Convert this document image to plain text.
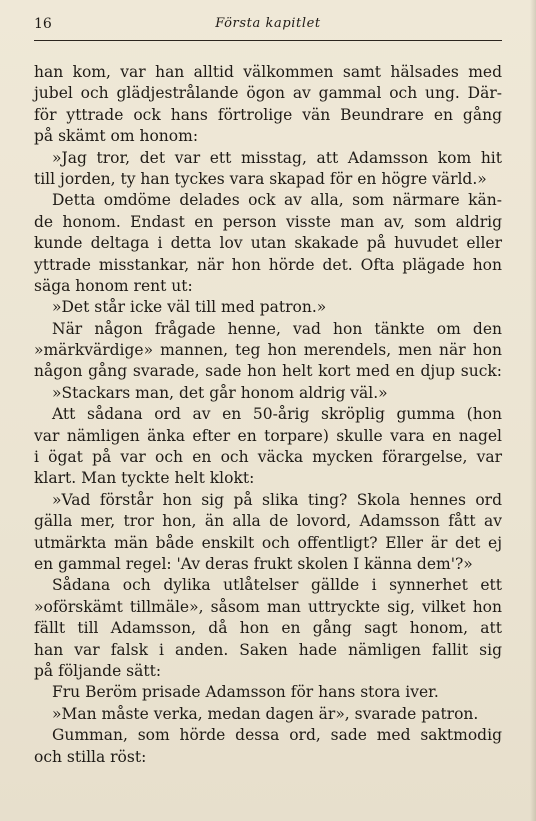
16	Första kapitlet
han kom, var han alltid välkommen samt hälsades med
jubel och glädjestrålande ögon av gammal och ung. Där-
för yttrade ock hans förtrolige vän Beundrare en gång
på skämt om honom:
»Jag tror, det var ett misstag, att Adamsson kom hit
till jorden, ty han tyckes vara skapad för en högre värld.»
Detta omdöme delades ock av alla, som närmare kän-
de honom. Endast en person visste man av, som aldrig
kunde deltaga i detta lov utan skakade på huvudet eller
yttrade misstankar, när hon hörde det. Ofta plägade hon
säga honom rent ut:
»Det står icke väl till med patron.»
När någon frågade henne, vad hon tänkte om den
»märkvärdige» mannen, teg hon merendels, men när hon
någon gång svarade, sade hon helt kort med en djup suck:
»Stackars man, det går honom aldrig väl.»
Att sådana ord av en 50-årig skröplig gumma (hon
var nämligen änka efter en torpare) skulle vara en nagel
i ögat på var och en och väcka mycken förargelse, var
klart. Man tyckte helt klokt:
»Vad förstår hon sig på slika ting? Skola hennes ord
gälla mer, tror hon, än alla de lovord, Adamsson fått av
utmärkta män både enskilt och offentligt? Eller är det ej
en gammal regel: 'Av deras frukt skolen I känna dem'?»
Sådana och dylika utlåtelser gällde i synnerhet ett
»oförskämt tillmäle», såsom man uttryckte sig, vilket hon
fällt till Adamsson, då hon en gång sagt honom, att
han var falsk i anden. Saken hade nämligen fallit sig
på följande sätt:
Fru Beröm prisade Adamsson för hans stora iver.
»Man måste verka, medan dagen är», svarade patron.
Gumman, som hörde dessa ord, sade med saktmodig
och stilla röst:
